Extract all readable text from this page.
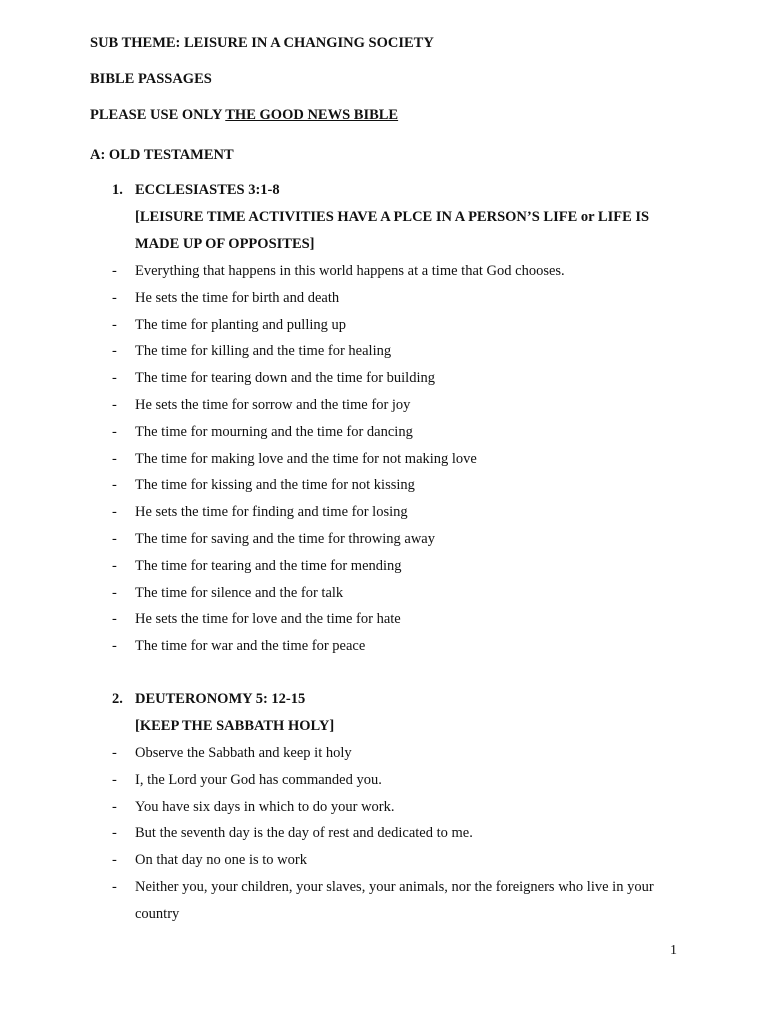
SUB THEME: LEISURE IN A CHANGING SOCIETY
BIBLE PASSAGES
PLEASE USE ONLY THE GOOD NEWS BIBLE
A: OLD TESTAMENT
1. ECCLESIASTES 3:1-8
[LEISURE TIME ACTIVITIES HAVE A PLCE IN A PERSON’S LIFE or LIFE IS
MADE UP OF OPPOSITES]
- Everything that happens in this world happens at a time that God chooses.
- He sets the time for birth and death
- The time for planting and pulling up
- The time for killing and the time for healing
- The time for tearing down and the time for building
- He sets the time for sorrow and the time for joy
- The time for mourning and the time for dancing
- The time for making love and the time for not making love
- The time for kissing and the time for not kissing
- He sets the time for finding and time for losing
- The time for saving and the time for throwing away
- The time for tearing and the time for mending
- The time for silence and the for talk
- He sets the time for love and the time for hate
- The time for war and the time for peace
2. DEUTERONOMY 5: 12-15
[KEEP THE SABBATH HOLY]
- Observe the Sabbath and keep it holy
- I, the Lord your God has commanded you.
- You have six days in which to do your work.
- But the seventh day is the day of rest and dedicated to me.
- On that day no one is to work
- Neither you, your children, your slaves, your animals, nor the foreigners who live in your
country
1
